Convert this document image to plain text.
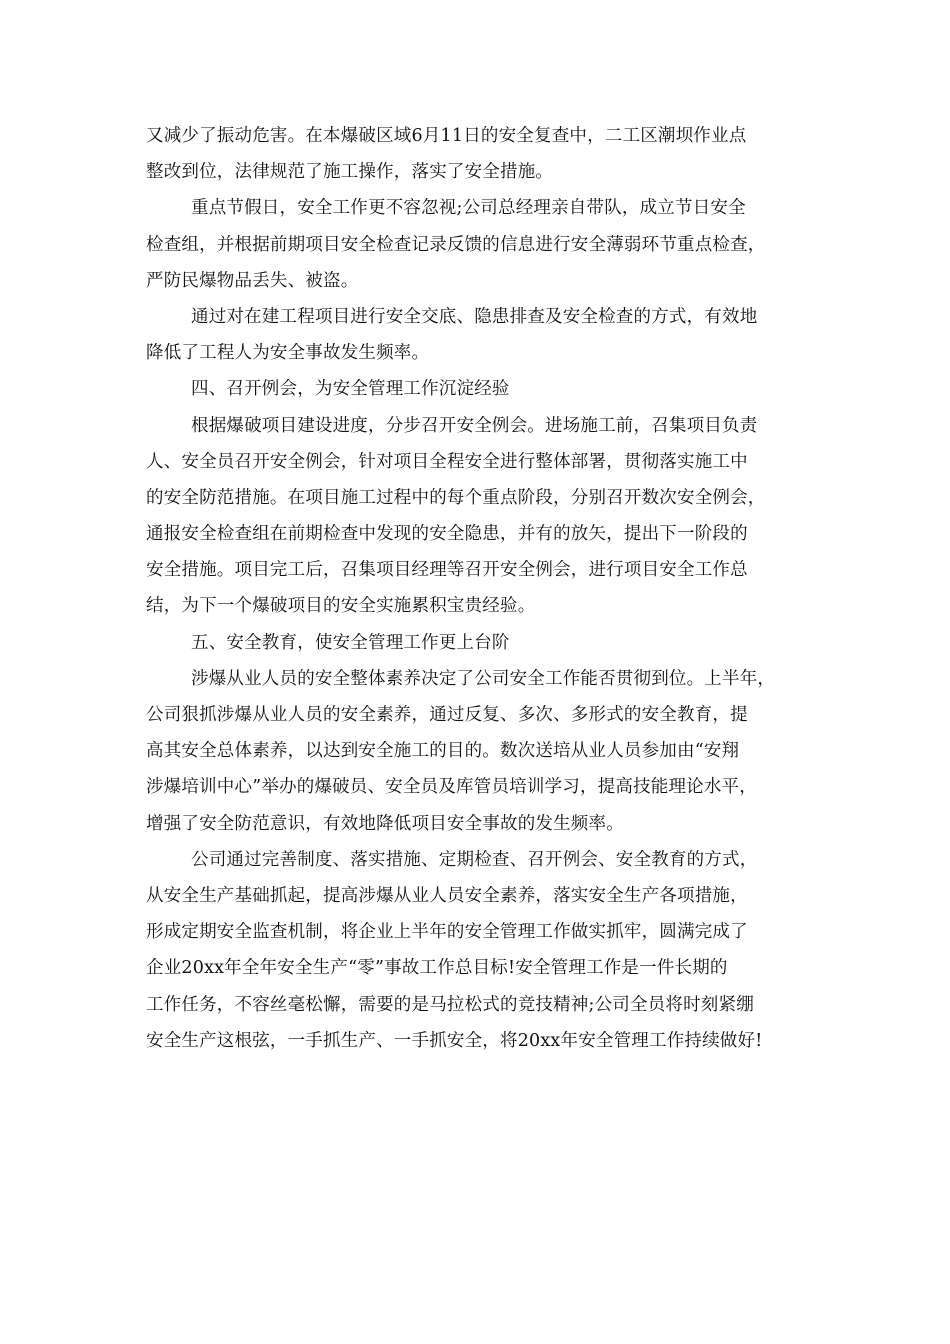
又减少了振动危害。在本爆破区域6月11日的安全复查中，二工区潮坝作业点
整改到位，法律规范了施工操作，落实了安全措施。
重点节假日，安全工作更不容忽视;公司总经理亲自带队，成立节日安全
检查组，并根据前期项目安全检查记录反馈的信息进行安全薄弱环节重点检查，
严防民爆物品丢失、被盗。
通过对在建工程项目进行安全交底、隐患排查及安全检查的方式，有效地
降低了工程人为安全事故发生频率。
四、召开例会，为安全管理工作沉淀经验
根据爆破项目建设进度，分步召开安全例会。进场施工前，召集项目负责
人、安全员召开安全例会，针对项目全程安全进行整体部署，贯彻落实施工中
的安全防范措施。在项目施工过程中的每个重点阶段，分别召开数次安全例会，
通报安全检查组在前期检查中发现的安全隐患，并有的放矢，提出下一阶段的
安全措施。项目完工后，召集项目经理等召开安全例会，进行项目安全工作总
结，为下一个爆破项目的安全实施累积宝贵经验。
五、安全教育，使安全管理工作更上台阶
涉爆从业人员的安全整体素养决定了公司安全工作能否贯彻到位。上半年，
公司狠抓涉爆从业人员的安全素养，通过反复、多次、多形式的安全教育，提
高其安全总体素养，以达到安全施工的目的。数次送培从业人员参加由“安翔
涉爆培训中心”举办的爆破员、安全员及库管员培训学习，提高技能理论水平，
增强了安全防范意识，有效地降低项目安全事故的发生频率。
公司通过完善制度、落实措施、定期检查、召开例会、安全教育的方式，
从安全生产基础抓起，提高涉爆从业人员安全素养，落实安全生产各项措施，
形成定期安全监查机制，将企业上半年的安全管理工作做实抓牢，圆满完成了
企业20xx年全年安全生产“零”事故工作总目标!安全管理工作是一件长期的
工作任务，不容丝毫松懈，需要的是马拉松式的竞技精神;公司全员将时刻紧绷
安全生产这根弦，一手抓生产、一手抓安全，将20xx年安全管理工作持续做好!
